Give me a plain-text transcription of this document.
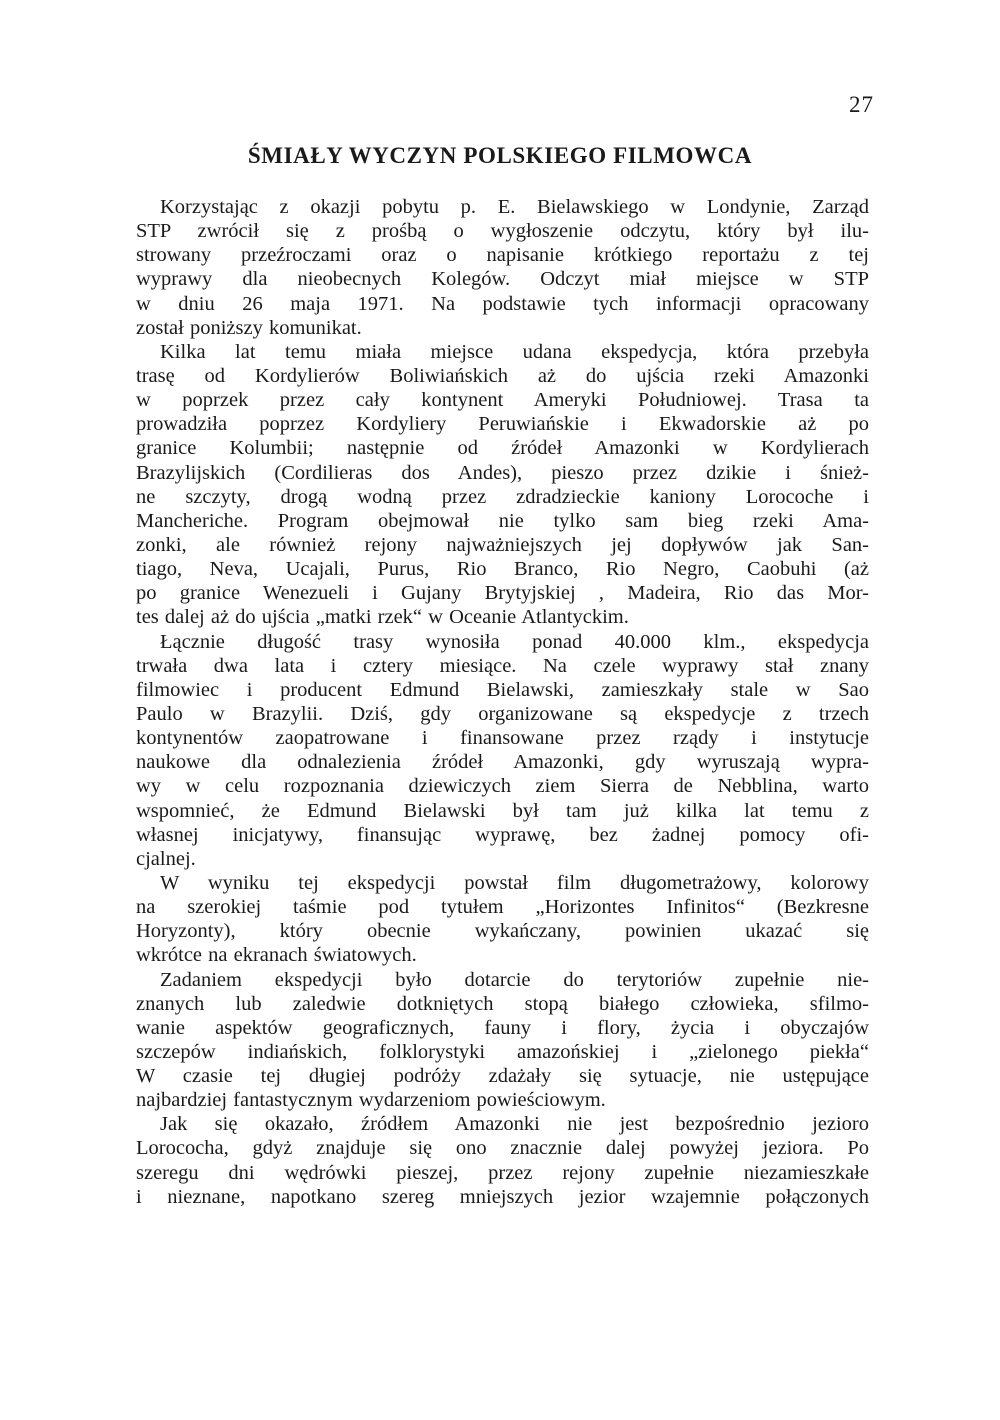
27
ŚMIAŁY WYCZYN POLSKIEGO FILMOWCA
Korzystając z okazji pobytu p. E. Bielawskiego w Londynie, Zarząd
STP zwrócił się z prośbą o wygłoszenie odczytu, który był ilu-
strowany przeźroczami oraz o napisanie krótkiego reportażu z tej
wyprawy dla nieobecnych Kolegów. Odczyt miał miejsce w STP
w dniu 26 maja 1971. Na podstawie tych informacji opracowany
został poniższy komunikat.
Kilka lat temu miała miejsce udana ekspedycja, która przebyła
trasę od Kordylierów Boliwiańskich aż do ujścia rzeki Amazonki
w poprzek przez cały kontynent Ameryki Południowej. Trasa ta
prowadziła poprzez Kordyliery Peruwiańskie i Ekwadorskie aż po
granice Kolumbii; następnie od źródeł Amazonki w Kordylierach
Brazylijskich (Cordilieras dos Andes), pieszo przez dzikie i śnież-
ne szczyty, drogą wodną przez zdradzieckie kaniony Lorocoche i
Mancheriche. Program obejmował nie tylko sam bieg rzeki Ama-
zonki, ale również rejony najważniejszych jej dopływów jak San-
tiago, Neva, Ucajali, Purus, Rio Branco, Rio Negro, Caobuhi (aż
po granice Wenezueli i Gujany Brytyjskiej , Madeira, Rio das Mor-
tes dalej aż do ujścia „matki rzek“ w Oceanie Atlantyckim.
Łącznie długość trasy wynosiła ponad 40.000 klm., ekspedycja
trwała dwa lata i cztery miesiące. Na czele wyprawy stał znany
filmowiec i producent Edmund Bielawski, zamieszkały stale w Sao
Paulo w Brazylii. Dziś, gdy organizowane są ekspedycje z trzech
kontynentów zaopatrowane i finansowane przez rządy i instytucje
naukowe dla odnalezienia źródeł Amazonki, gdy wyruszają wypra-
wy w celu rozpoznania dziewiczych ziem Sierra de Nebblina, warto
wspomnieć, że Edmund Bielawski był tam już kilka lat temu z
własnej inicjatywy, finansując wyprawę, bez żadnej pomocy ofi-
cjalnej.
W wyniku tej ekspedycji powstał film długometrażowy, kolorowy
na szerokiej taśmie pod tytułem „Horizontes Infinitos“ (Bezkresne
Horyzonty), który obecnie wykańczany, powinien ukazać się
wkrótce na ekranach światowych.
Zadaniem ekspedycji było dotarcie do terytoriów zupełnie nie-
znanych lub zaledwie dotkniętych stopą białego człowieka, sfilmo-
wanie aspektów geograficznych, fauny i flory, życia i obyczajów
szczepów indiańskich, folklorystyki amazońskiej i „zielonego piekła“
W czasie tej długiej podróży zdażały się sytuacje, nie ustępujące
najbardziej fantastycznym wydarzeniom powieściowym.
Jak się okazało, źródłem Amazonki nie jest bezpośrednio jezioro
Lorococha, gdyż znajduje się ono znacznie dalej powyżej jeziora. Po
szeregu dni wędrówki pieszej, przez rejony zupełnie niezamieszkałe
i nieznane, napotkano szereg mniejszych jezior wzajemnie połączonych
